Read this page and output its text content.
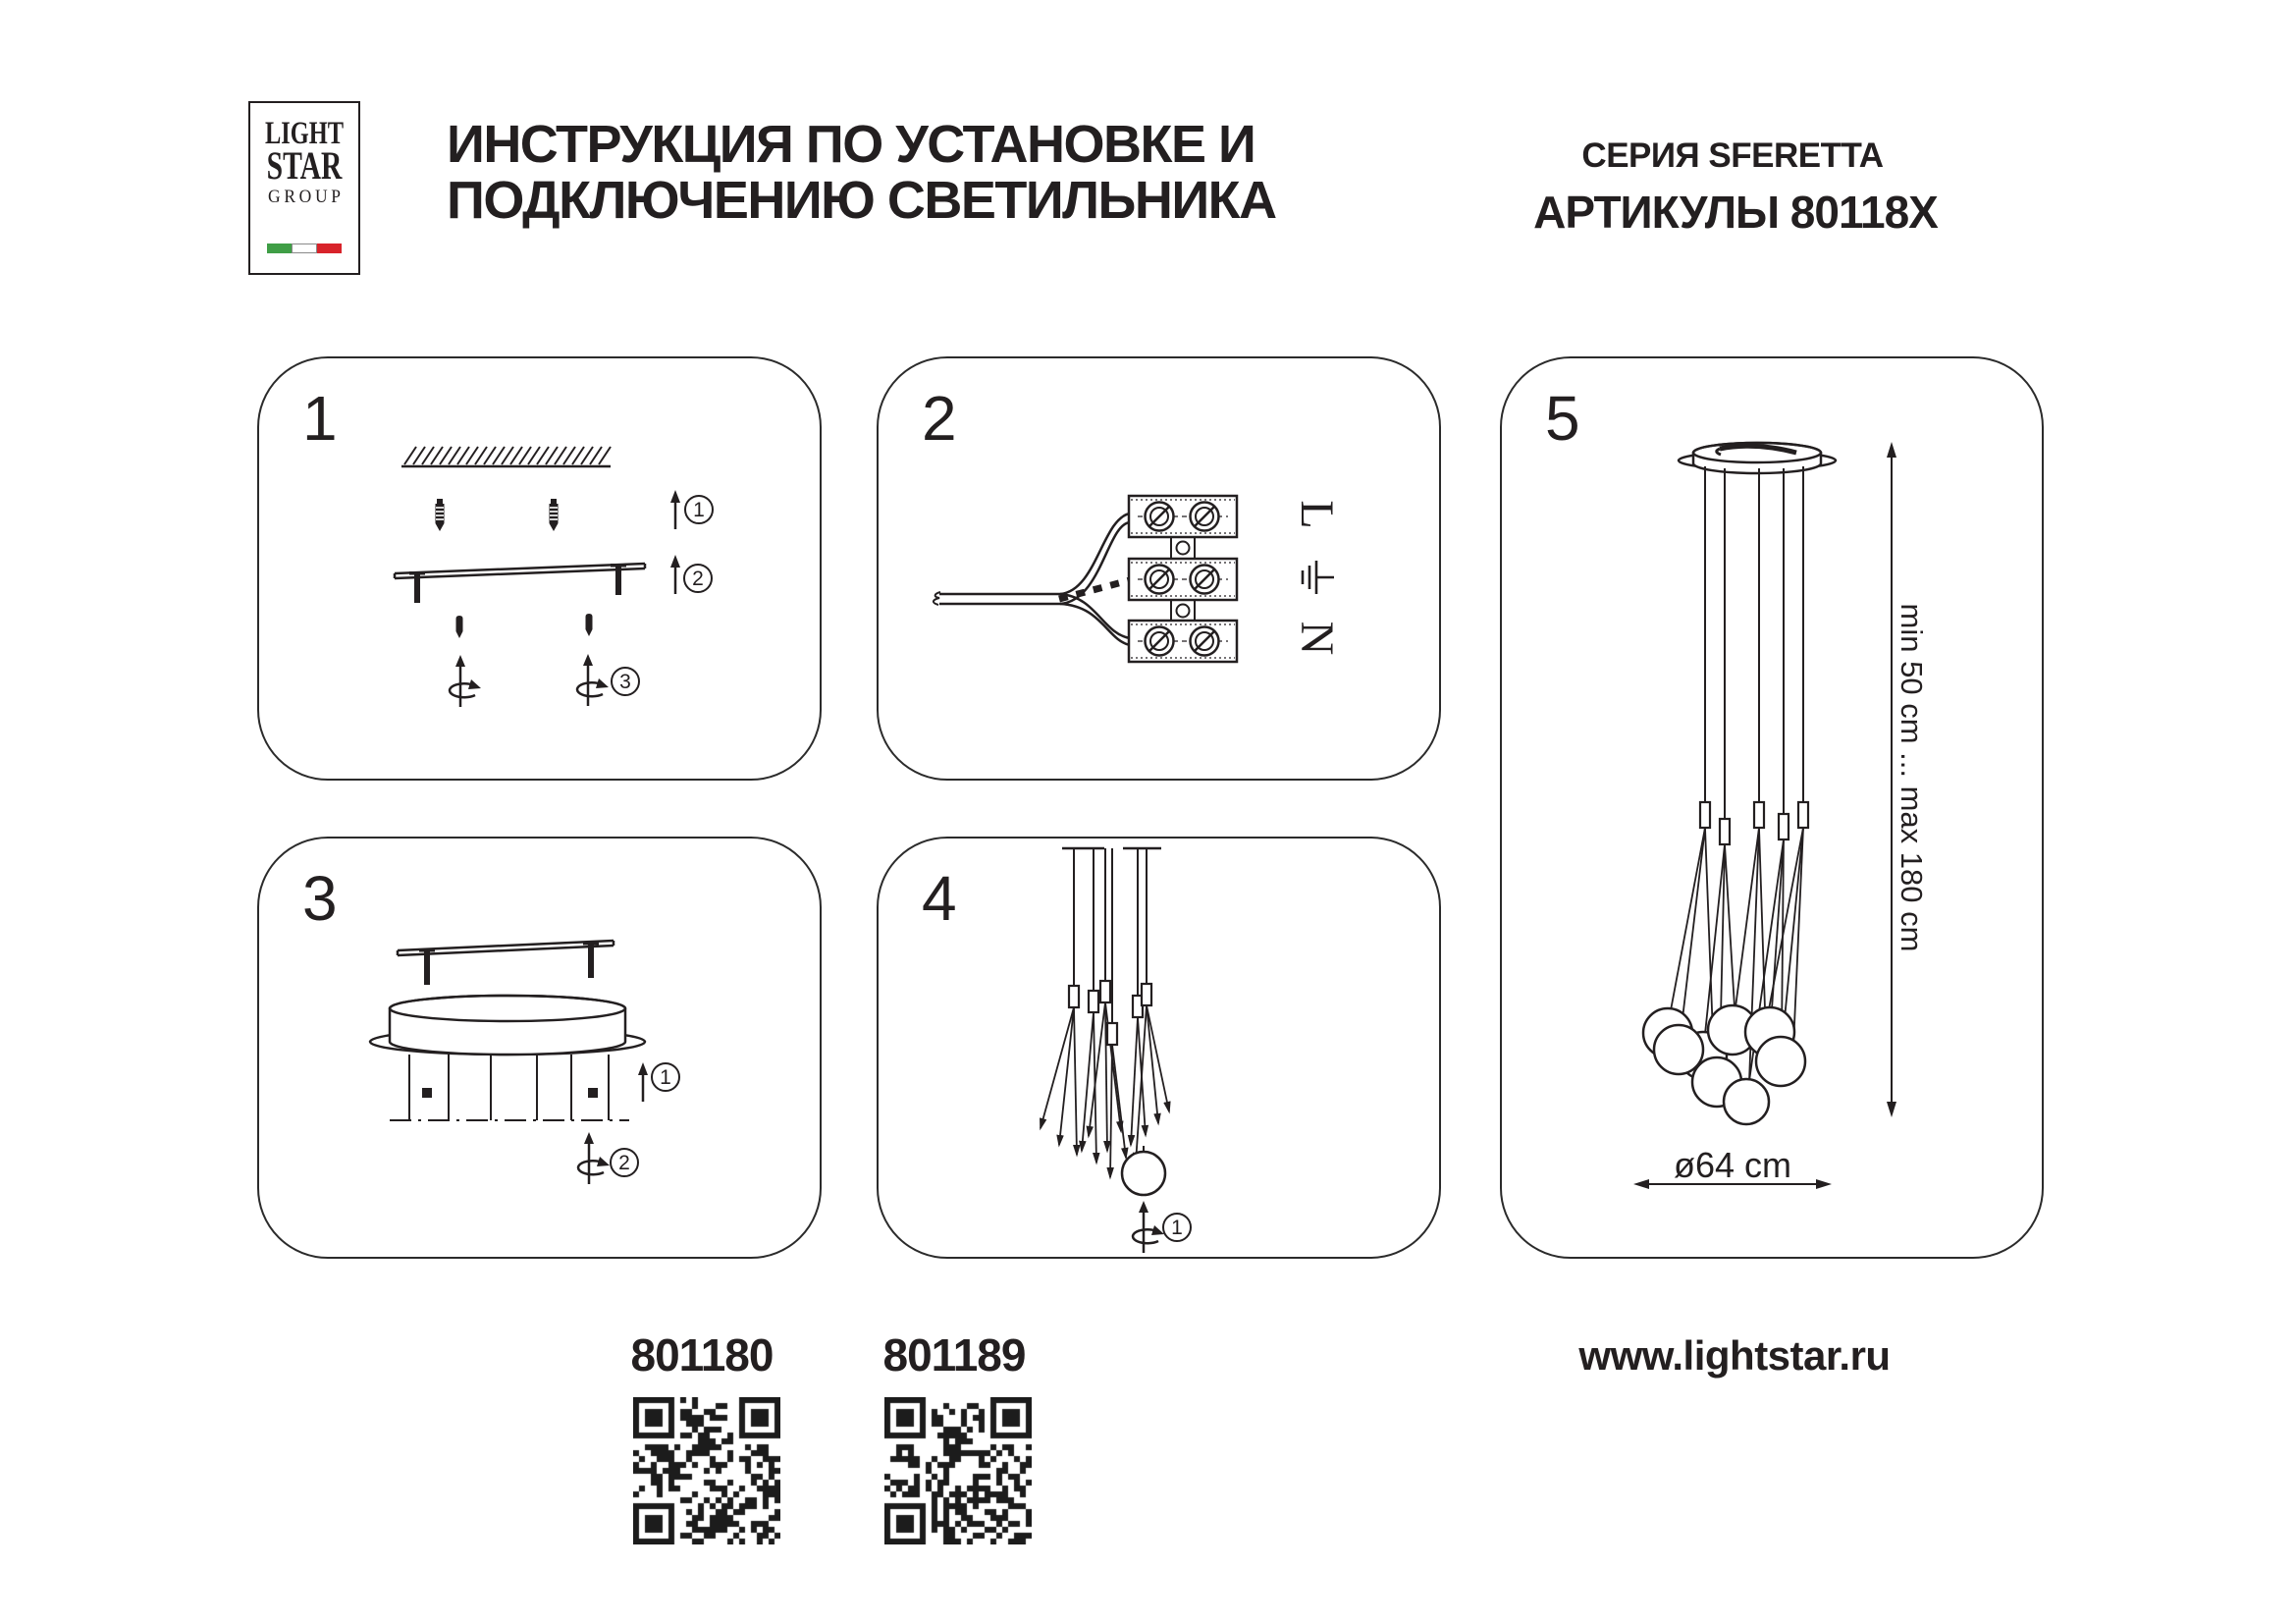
LIGHT
STAR
GROUP
ИНСТРУКЦИЯ ПО УСТАНОВКЕ И
ПОДКЛЮЧЕНИЮ СВЕТИЛЬНИКА
СЕРИЯ SFERETTA
АРТИКУЛЫ 80118X
1
1
2
3
2
L
N
3
1
2
4
1
5
min 50 cm ... max 180 cm
ø64 cm
801180 801189	www.lightstar.ru
